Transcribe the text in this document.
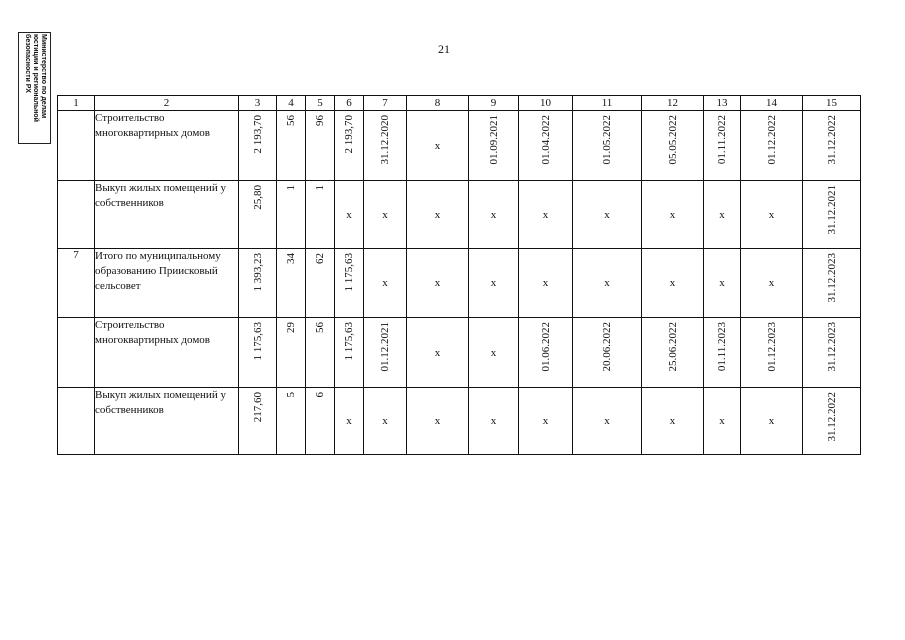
21
Министерство по делам
юстиции и региональной
безопасности РХ
1	2	3	4	5	6	7	8	9	10	11	12	13	14	15
	Строительство многоквартирных домов	2 193,70	56	96	2 193,70	31.12.2020	x	01.09.2021	01.04.2022	01.05.2022	05.05.2022	01.11.2022	01.12.2022	31.12.2022

	Выкуп жилых помещений у собственников	25,80	1	1	x	x	x	x	x	x	x	x	x	31.12.2021

7	Итого по муниципальному образованию Приисковый сельсовет	1 393,23	34	62	1 175,63	x	x	x	x	x	x	x	x	31.12.2023

	Строительство многоквартирных домов	1 175,63	29	56	1 175,63	01.12.2021	x	x	01.06.2022	20.06.2022	25.06.2022	01.11.2023	01.12.2023	31.12.2023

	Выкуп жилых помещений у собственников	217,60	5	6	x	x	x	x	x	x	x	x	x	31.12.2022
